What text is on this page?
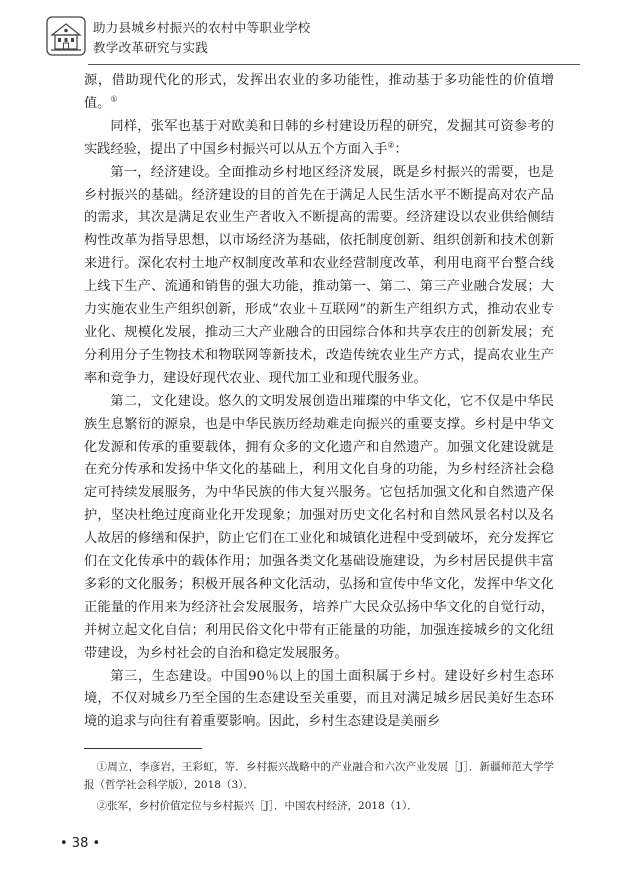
助力县城乡村振兴的农村中等职业学校
教学改革研究与实践

源，借助现代化的形式，发挥出农业的多功能性，推动基于多功能性的价值增值。①

同样，张军也基于对欧美和日韩的乡村建设历程的研究，发掘其可资参考的实践经验，提出了中国乡村振兴可以从五个方面入手②：

第一，经济建设。全面推动乡村地区经济发展，既是乡村振兴的需要，也是乡村振兴的基础。经济建设的目的首先在于满足人民生活水平不断提高对农产品的需求，其次是满足农业生产者收入不断提高的需要。经济建设以农业供给侧结构性改革为指导思想，以市场经济为基础，依托制度创新、组织创新和技术创新来进行。深化农村土地产权制度改革和农业经营制度改革，利用电商平台整合线上线下生产、流通和销售的强大功能，推动第一、第二、第三产业融合发展；大力实施农业生产组织创新，形成“农业＋互联网”的新生产组织方式，推动农业专业化、规模化发展，推动三大产业融合的田园综合体和共享农庄的创新发展；充分利用分子生物技术和物联网等新技术，改造传统农业生产方式，提高农业生产率和竞争力，建设好现代农业、现代加工业和现代服务业。

第二，文化建设。悠久的文明发展创造出璀璨的中华文化，它不仅是中华民族生息繁衍的源泉，也是中华民族历经劫难走向振兴的重要支撑。乡村是中华文化发源和传承的重要载体，拥有众多的文化遗产和自然遗产。加强文化建设就是在充分传承和发扬中华文化的基础上，利用文化自身的功能，为乡村经济社会稳定可持续发展服务，为中华民族的伟大复兴服务。它包括加强文化和自然遗产保护，坚决杜绝过度商业化开发现象；加强对历史文化名村和自然风景名村以及名人故居的修缮和保护，防止它们在工业化和城镇化进程中受到破坏，充分发挥它们在文化传承中的载体作用；加强各类文化基础设施建设，为乡村居民提供丰富多彩的文化服务；积极开展各种文化活动，弘扬和宣传中华文化，发挥中华文化正能量的作用来为经济社会发展服务，培养广大民众弘扬中华文化的自觉行动，并树立起文化自信；利用民俗文化中带有正能量的功能，加强连接城乡的文化纽带建设，为乡村社会的自治和稳定发展服务。

第三，生态建设。中国90％以上的国土面积属于乡村。建设好乡村生态环境，不仅对城乡乃至全国的生态建设至关重要，而且对满足城乡居民美好生态环境的追求与向往有着重要影响。因此，乡村生态建设是美丽乡

①周立，李彦岩，王彩虹，等．乡村振兴战略中的产业融合和六次产业发展［J］．新疆师范大学学报（哲学社会科学版），2018（3）．

②张军，乡村价值定位与乡村振兴［J］．中国农村经济，2018（1）．

• 38 •
